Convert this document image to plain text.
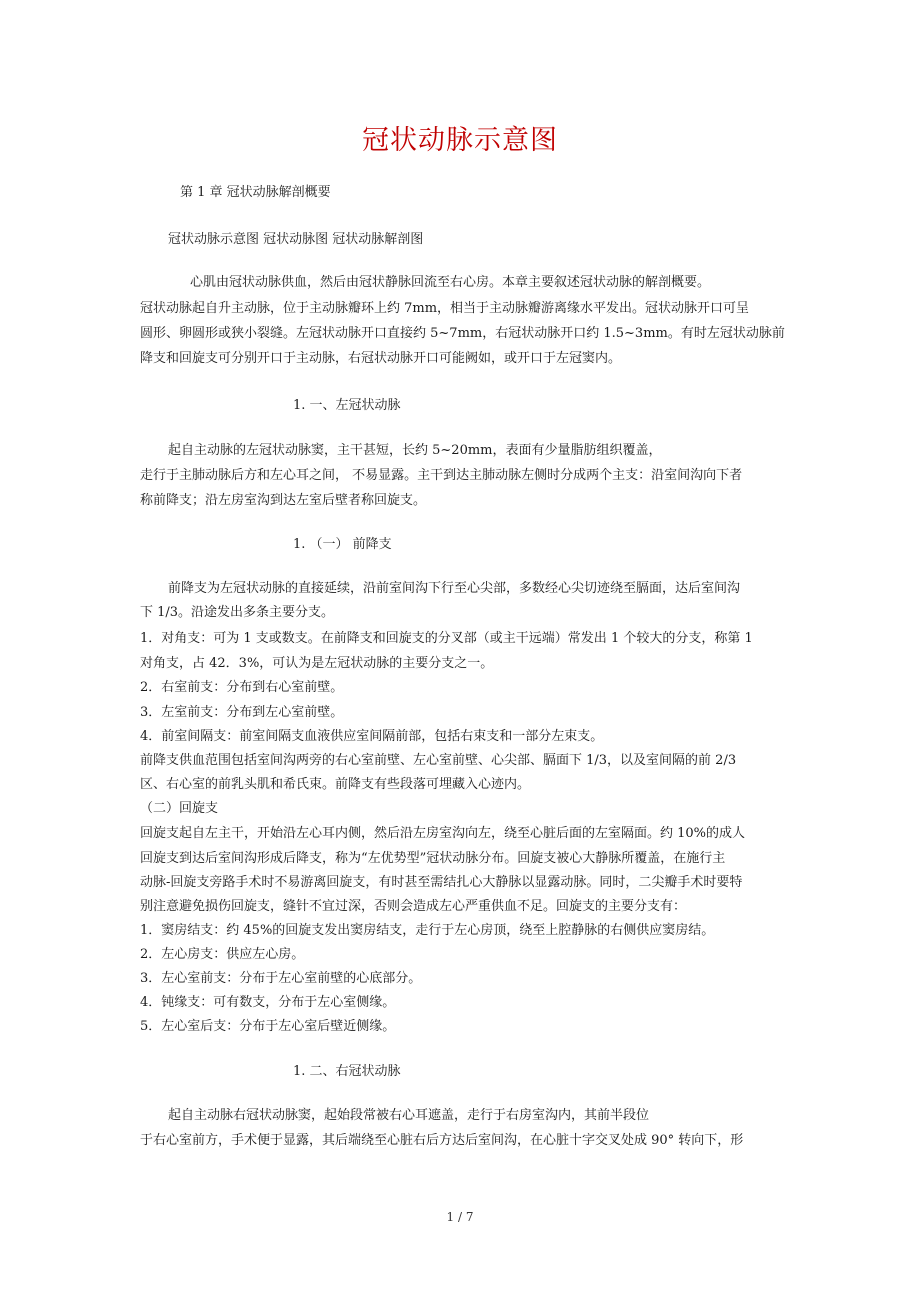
冠状动脉示意图
第 1 章 冠状动脉解剖概要
冠状动脉示意图 冠状动脉图 冠状动脉解剖图
心肌由冠状动脉供血，然后由冠状静脉回流至右心房。本章主要叙述冠状动脉的解剖概要。
冠状动脉起自升主动脉，位于主动脉瓣环上约 7mm，相当于主动脉瓣游离缘水平发出。冠状动脉开口可呈
圆形、卵圆形或狭小裂缝。左冠状动脉开口直接约 5~7mm，右冠状动脉开口约 1.5~3mm。有时左冠状动脉前
降支和回旋支可分别开口于主动脉，右冠状动脉开口可能阙如，或开口于左冠窦内。
1. 一、左冠状动脉
起自主动脉的左冠状动脉窦，主干甚短，长约 5~20mm，表面有少量脂肪组织覆盖，
走行于主肺动脉后方和左心耳之间， 不易显露。主干到达主肺动脉左侧时分成两个主支：沿室间沟向下者
称前降支；沿左房室沟到达左室后壁者称回旋支。
1. （一） 前降支
前降支为左冠状动脉的直接延续，沿前室间沟下行至心尖部，多数经心尖切迹绕至膈面，达后室间沟
下 1/3。沿途发出多条主要分支。
1．对角支：可为 1 支或数支。在前降支和回旋支的分叉部（或主干远端）常发出 1 个较大的分支，称第 1
对角支，占 42．3%，可认为是左冠状动脉的主要分支之一。
2．右室前支：分布到右心室前壁。
3．左室前支：分布到左心室前壁。
4．前室间隔支：前室间隔支血液供应室间隔前部，包括右束支和一部分左束支。
前降支供血范围包括室间沟两旁的右心室前壁、左心室前壁、心尖部、膈面下 1/3，以及室间隔的前 2/3
区、右心室的前乳头肌和希氏束。前降支有些段落可埋藏入心迹内。
（二）回旋支
回旋支起自左主干，开始沿左心耳内侧，然后沿左房室沟向左，绕至心脏后面的左室隔面。约 10%的成人
回旋支到达后室间沟形成后降支，称为“左优势型”冠状动脉分布。回旋支被心大静脉所覆盖，在施行主
动脉-回旋支旁路手术时不易游离回旋支，有时甚至需结扎心大静脉以显露动脉。同时，二尖瓣手术时要特
别注意避免损伤回旋支，缝针不宜过深，否则会造成左心严重供血不足。回旋支的主要分支有：
1．窦房结支：约 45%的回旋支发出窦房结支，走行于左心房顶，绕至上腔静脉的右侧供应窦房结。
2．左心房支：供应左心房。
3．左心室前支：分布于左心室前壁的心底部分。
4．钝缘支：可有数支，分布于左心室侧缘。
5．左心室后支：分布于左心室后壁近侧缘。
1. 二、右冠状动脉
起自主动脉右冠状动脉窦，起始段常被右心耳遮盖，走行于右房室沟内，其前半段位
于右心室前方，手术便于显露，其后端绕至心脏右后方达后室间沟，在心脏十字交叉处成 90° 转向下，形
1 / 7
